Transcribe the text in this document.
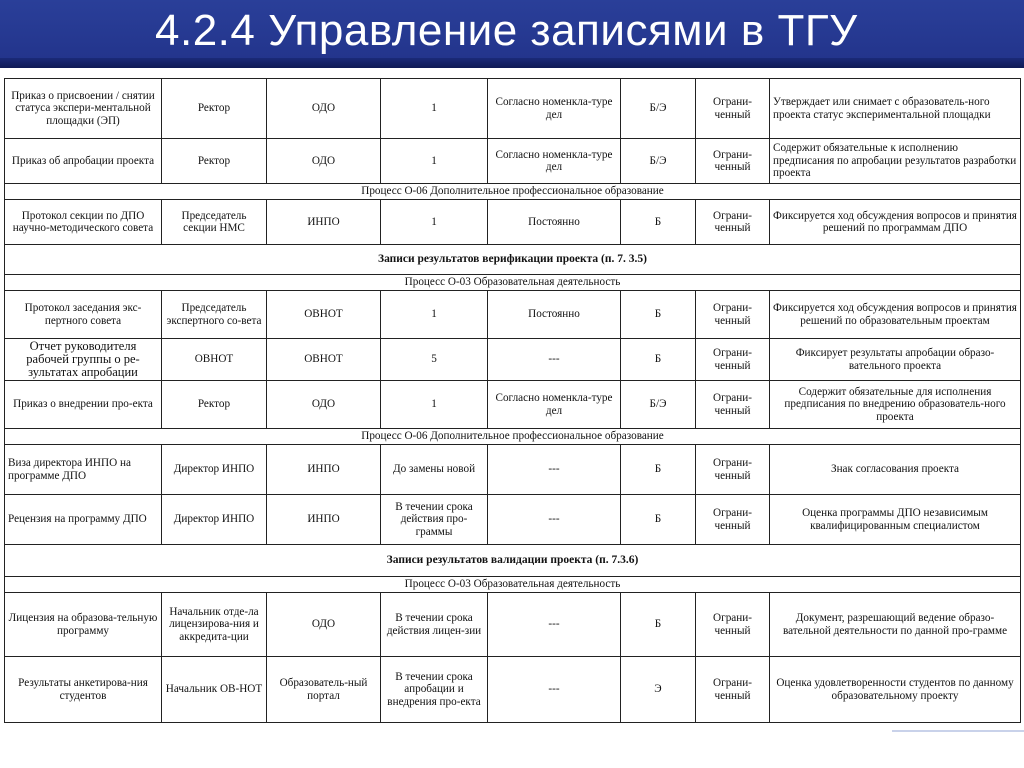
4.2.4 Управление записями в ТГУ
Приказ о присвоении / снятии статуса экспери-ментальной площадки (ЭП)	Ректор	ОДО	1	Согласно номенкла-туре дел	Б/Э	Ограни-ченный	Утверждает или снимает с образователь-ного проекта статус экспериментальной площадки
Приказ об апробации проекта	Ректор	ОДО	1	Согласно номенкла-туре дел	Б/Э	Ограни-ченный	Содержит обязательные к исполнению предписания по апробации результатов разработки проекта
Процесс О-06 Дополнительное профессиональное образование							
Протокол секции по ДПО научно-методического совета	Председатель секции НМС	ИНПО	1	Постоянно	Б	Ограни-ченный	Фиксируется ход обсуждения вопросов и принятия решений по программам ДПО
Записи результатов верификации проекта (п. 7. 3.5)							
Процесс О-03 Образовательная деятельность							
Протокол заседания экс-пертного совета	Председатель экспертного со-вета	ОВНОТ	1	Постоянно	Б	Ограни-ченный	Фиксируется ход обсуждения вопросов и принятия решений по образовательным проектам
Отчет руководителя рабочей группы о ре-зультатах апробации	ОВНОТ	ОВНОТ	5	---	Б	Ограни-ченный	Фиксирует результаты апробации образо-вательного проекта
Приказ о внедрении про-екта	Ректор	ОДО	1	Согласно номенкла-туре дел	Б/Э	Ограни-ченный	Содержит обязательные для исполнения предписания по внедрению образователь-ного проекта
Процесс О-06 Дополнительное профессиональное образование							
Виза директора ИНПО на программе ДПО	Директор ИНПО	ИНПО	До замены новой	---	Б	Ограни-ченный	Знак согласования проекта
Рецензия на программу ДПО	Директор ИНПО	ИНПО	В течении срока действия про-граммы	---	Б	Ограни-ченный	Оценка программы ДПО независимым квалифицированным специалистом
Записи результатов валидации проекта (п. 7.3.6)							
Процесс О-03 Образовательная деятельность							
Лицензия на образова-тельную программу	Начальник отде-ла лицензирова-ния и аккредита-ции	ОДО	В течении срока действия лицен-зии	---	Б	Ограни-ченный	Документ, разрешающий ведение образо-вательной деятельности по данной про-грамме
Результаты анкетирова-ния студентов	Начальник ОВ-НОТ	Образователь-ный портал	В течении срока апробации и внедрения про-екта	---	Э	Ограни-ченный	Оценка удовлетворенности студентов по данному образовательному проекту
